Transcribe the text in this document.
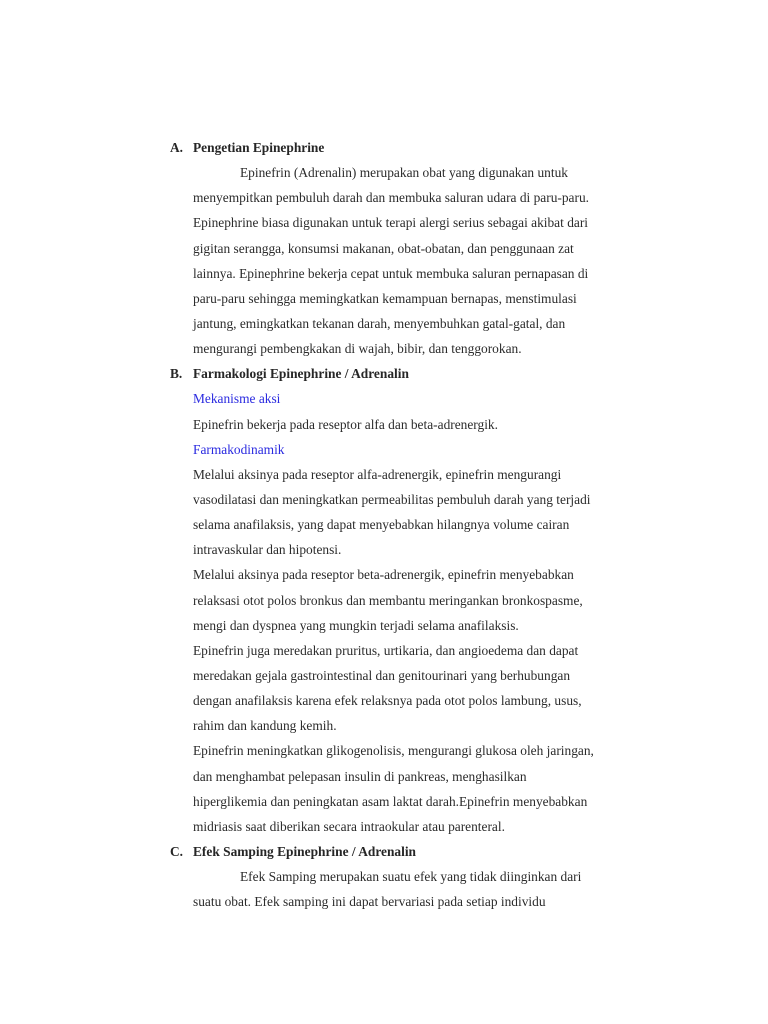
A. Pengetian Epinephrine
Epinefrin (Adrenalin) merupakan obat yang digunakan untuk
menyempitkan pembuluh darah dan membuka saluran udara di paru-paru.
Epinephrine biasa digunakan untuk terapi alergi serius sebagai akibat dari
gigitan serangga, konsumsi makanan, obat-obatan, dan penggunaan zat
lainnya. Epinephrine bekerja cepat untuk membuka saluran pernapasan di
paru-paru sehingga memingkatkan kemampuan bernapas, menstimulasi
jantung, emingkatkan tekanan darah, menyembuhkan gatal-gatal, dan
mengurangi pembengkakan di wajah, bibir, dan tenggorokan.
B. Farmakologi Epinephrine / Adrenalin
Mekanisme aksi
Epinefrin bekerja pada reseptor alfa dan beta-adrenergik.
Farmakodinamik
Melalui aksinya pada reseptor alfa-adrenergik, epinefrin mengurangi
vasodilatasi dan meningkatkan permeabilitas pembuluh darah yang terjadi
selama anafilaksis, yang dapat menyebabkan hilangnya volume cairan
intravaskular dan hipotensi.
Melalui aksinya pada reseptor beta-adrenergik, epinefrin menyebabkan
relaksasi otot polos bronkus dan membantu meringankan bronkospasme,
mengi dan dyspnea yang mungkin terjadi selama anafilaksis.
Epinefrin juga meredakan pruritus, urtikaria, dan angioedema dan dapat
meredakan gejala gastrointestinal dan genitourinari yang berhubungan
dengan anafilaksis karena efek relaksnya pada otot polos lambung, usus,
rahim dan kandung kemih.
Epinefrin meningkatkan glikogenolisis, mengurangi glukosa oleh jaringan,
dan menghambat pelepasan insulin di pankreas, menghasilkan
hiperglikemia dan peningkatan asam laktat darah.Epinefrin menyebabkan
midriasis saat diberikan secara intraokular atau parenteral.
C. Efek Samping Epinephrine / Adrenalin
Efek Samping merupakan suatu efek yang tidak diinginkan dari
suatu obat. Efek samping ini dapat bervariasi pada setiap individu
